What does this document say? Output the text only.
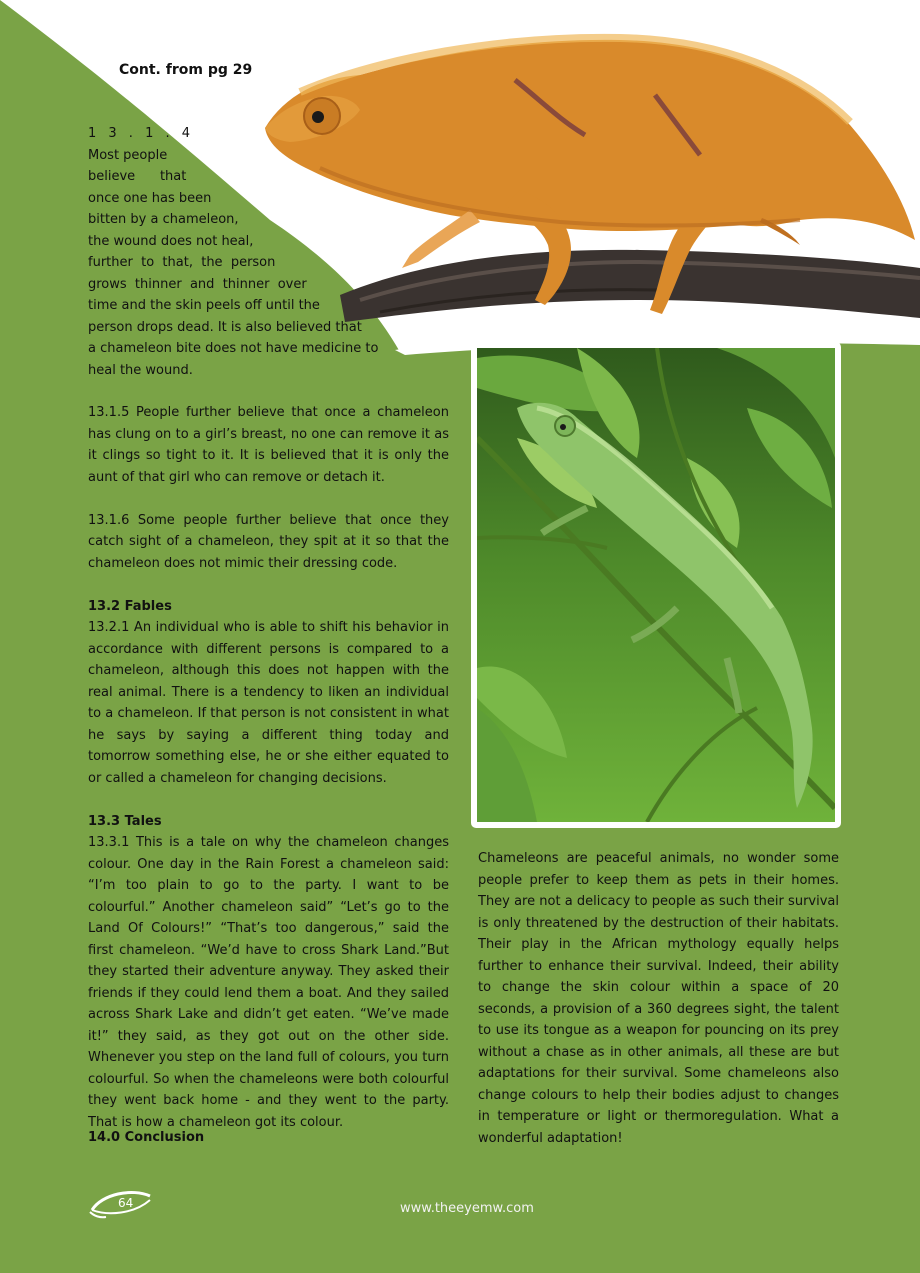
Cont. from pg 29
1 3 . 1 . 4
Most people
believe      that
once one has been
bitten by a chameleon,
the wound does not heal,
further  to  that,  the  person
grows  thinner  and  thinner  over
time and the skin peels off until the
person drops dead. It is also believed that
a chameleon bite does not have medicine to
heal the wound.

13.1.5 People further believe that once a chameleon has clung on to a girl’s breast, no one can remove it as it clings so tight to it. It is believed that it is only the aunt of that girl who can remove or detach it.

13.1.6 Some people further believe that once they catch sight of a chameleon, they spit at it so that the chameleon does not mimic their dressing code.

13.2 Fables

13.2.1 An individual who is able to shift his behavior in accordance with different persons is compared to a chameleon, although this does not happen with the real animal. There is a tendency to liken an individual to a chameleon. If that person is not consistent in what he says by saying a different thing today and tomorrow something else, he or she either equated to or called a chameleon for changing decisions.

13.3 Tales

13.3.1 This is a tale on why the chameleon changes colour. One day in the Rain Forest a chameleon said: “I’m too plain to go to the party. I want to be colourful.” Another chameleon said” “Let’s go to the Land Of Colours!” “That’s too dangerous,” said the first chameleon. “We’d have to cross Shark Land.”But they started their adventure anyway. They asked their friends if they could lend them a boat. And they sailed across Shark Lake and didn’t get eaten. “We’ve made it!” they said, as they got out on the other side. Whenever you step on the land full of colours, you turn colourful. So when the chameleons were both colourful they went back home - and they went to the party. That is how a chameleon got its colour.

14.0 Conclusion
Chameleons are peaceful animals, no wonder some people prefer to keep them as pets in their homes. They are not a delicacy to people as such their survival is only threatened by the destruction of their habitats. Their play in the African mythology equally helps further to enhance their survival. Indeed, their ability to change the skin colour within a space of 20 seconds, a provision of a 360 degrees sight, the talent to use its tongue as a weapon for pouncing on its prey without a chase as in other animals, all these are but adaptations for their survival. Some chameleons also change colours to help their bodies adjust to changes in temperature or light or thermoregulation. What a wonderful adaptation!
64	www.theeyemw.com
